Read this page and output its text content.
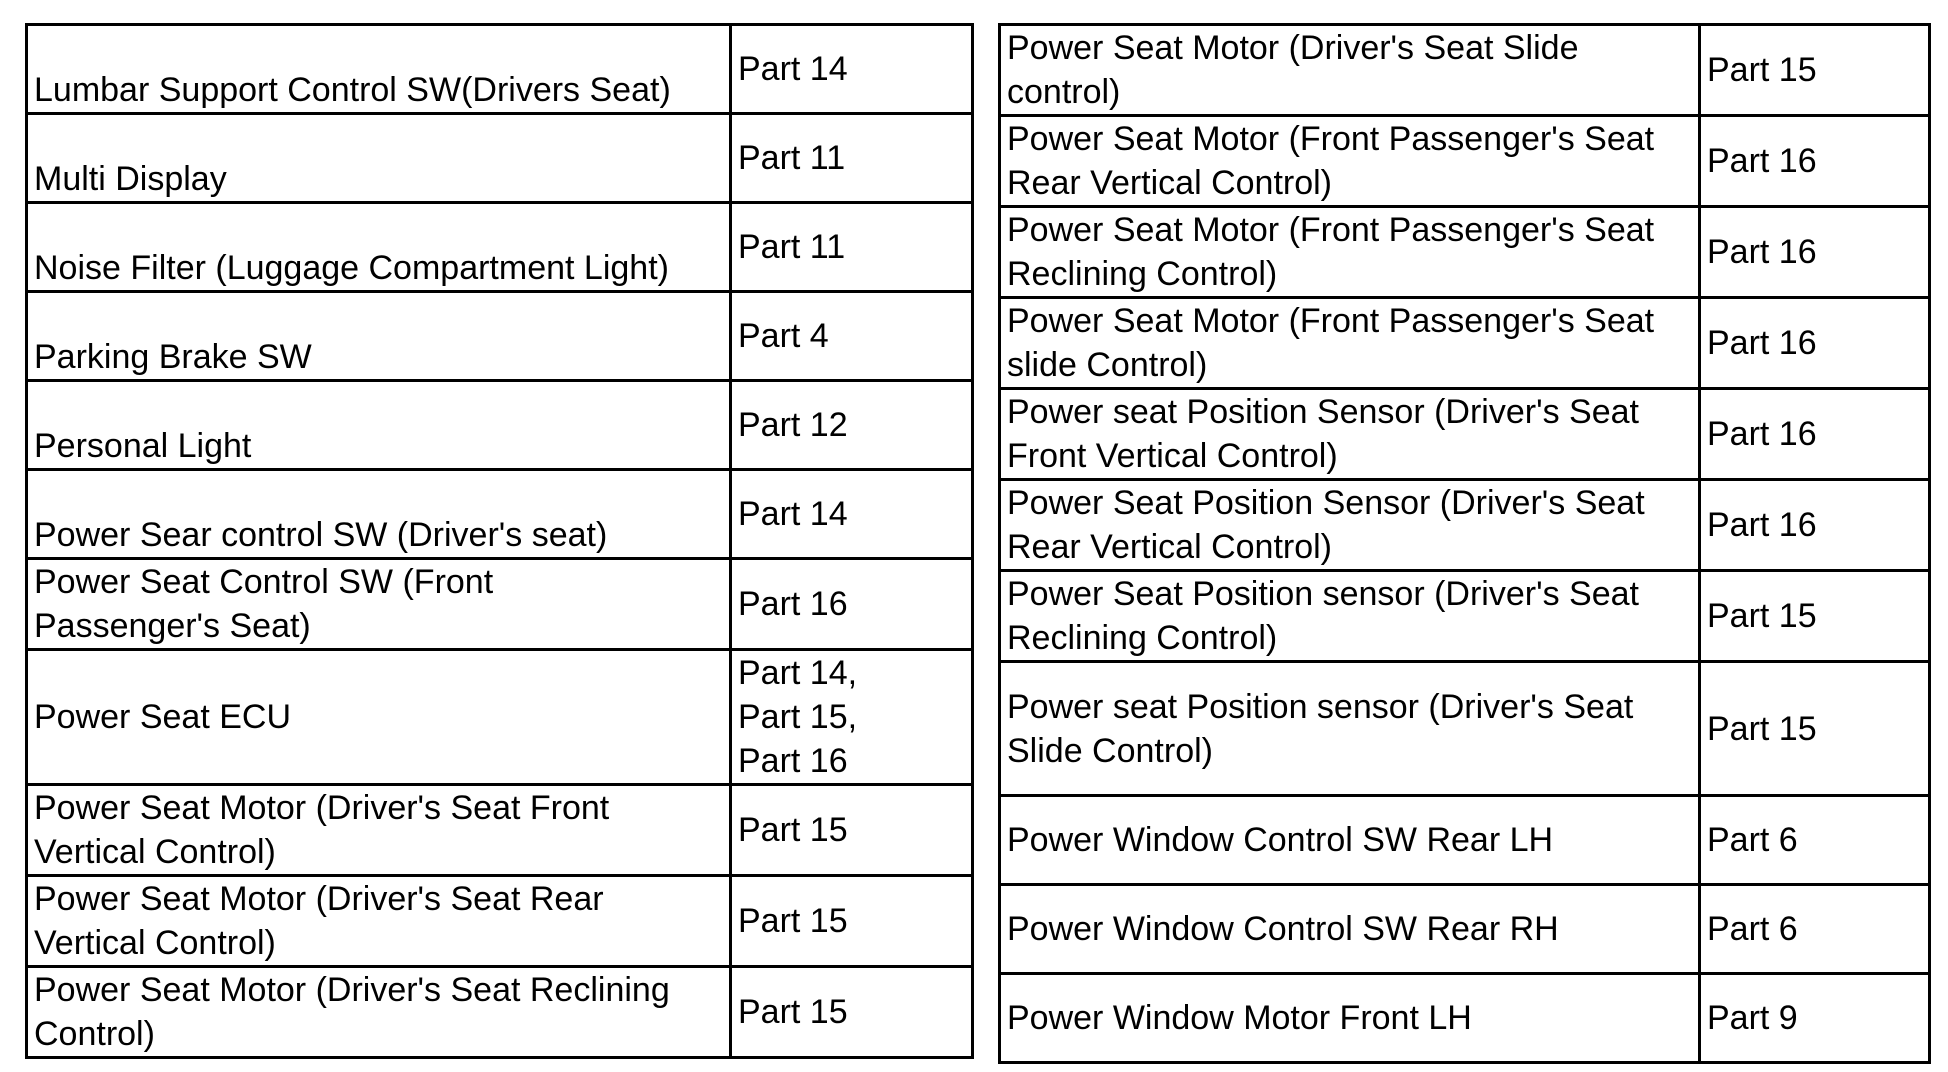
Lumbar Support Control SW(Drivers Seat)	Part 14
Multi Display	Part 11
Noise Filter (Luggage Compartment Light)	Part 11
Parking Brake SW	Part 4
Personal Light	Part 12
Power Sear control SW (Driver's seat)	Part 14
Power Seat Control SW (Front
Passenger's Seat)	Part 16
Power Seat ECU	Part 14,
Part 15,
Part 16
Power Seat Motor (Driver's Seat Front
Vertical Control)	Part 15
Power Seat Motor (Driver's Seat Rear
Vertical Control)	Part 15
Power Seat Motor (Driver's Seat Reclining
Control)	Part 15
Power Seat Motor (Driver's Seat Slide
control)	Part 15
Power Seat Motor (Front Passenger's Seat
Rear Vertical Control)	Part 16
Power Seat Motor (Front Passenger's Seat
Reclining Control)	Part 16
Power Seat Motor (Front Passenger's Seat
slide Control)	Part 16
Power seat Position Sensor (Driver's Seat
Front Vertical Control)	Part 16
Power Seat Position Sensor (Driver's Seat
Rear Vertical Control)	Part 16
Power Seat Position sensor (Driver's Seat
Reclining Control)	Part 15
Power seat Position sensor (Driver's Seat
Slide Control)	Part 15
Power Window Control SW Rear LH	Part 6
Power Window Control SW Rear RH	Part 6
Power Window Motor Front LH	Part 9
